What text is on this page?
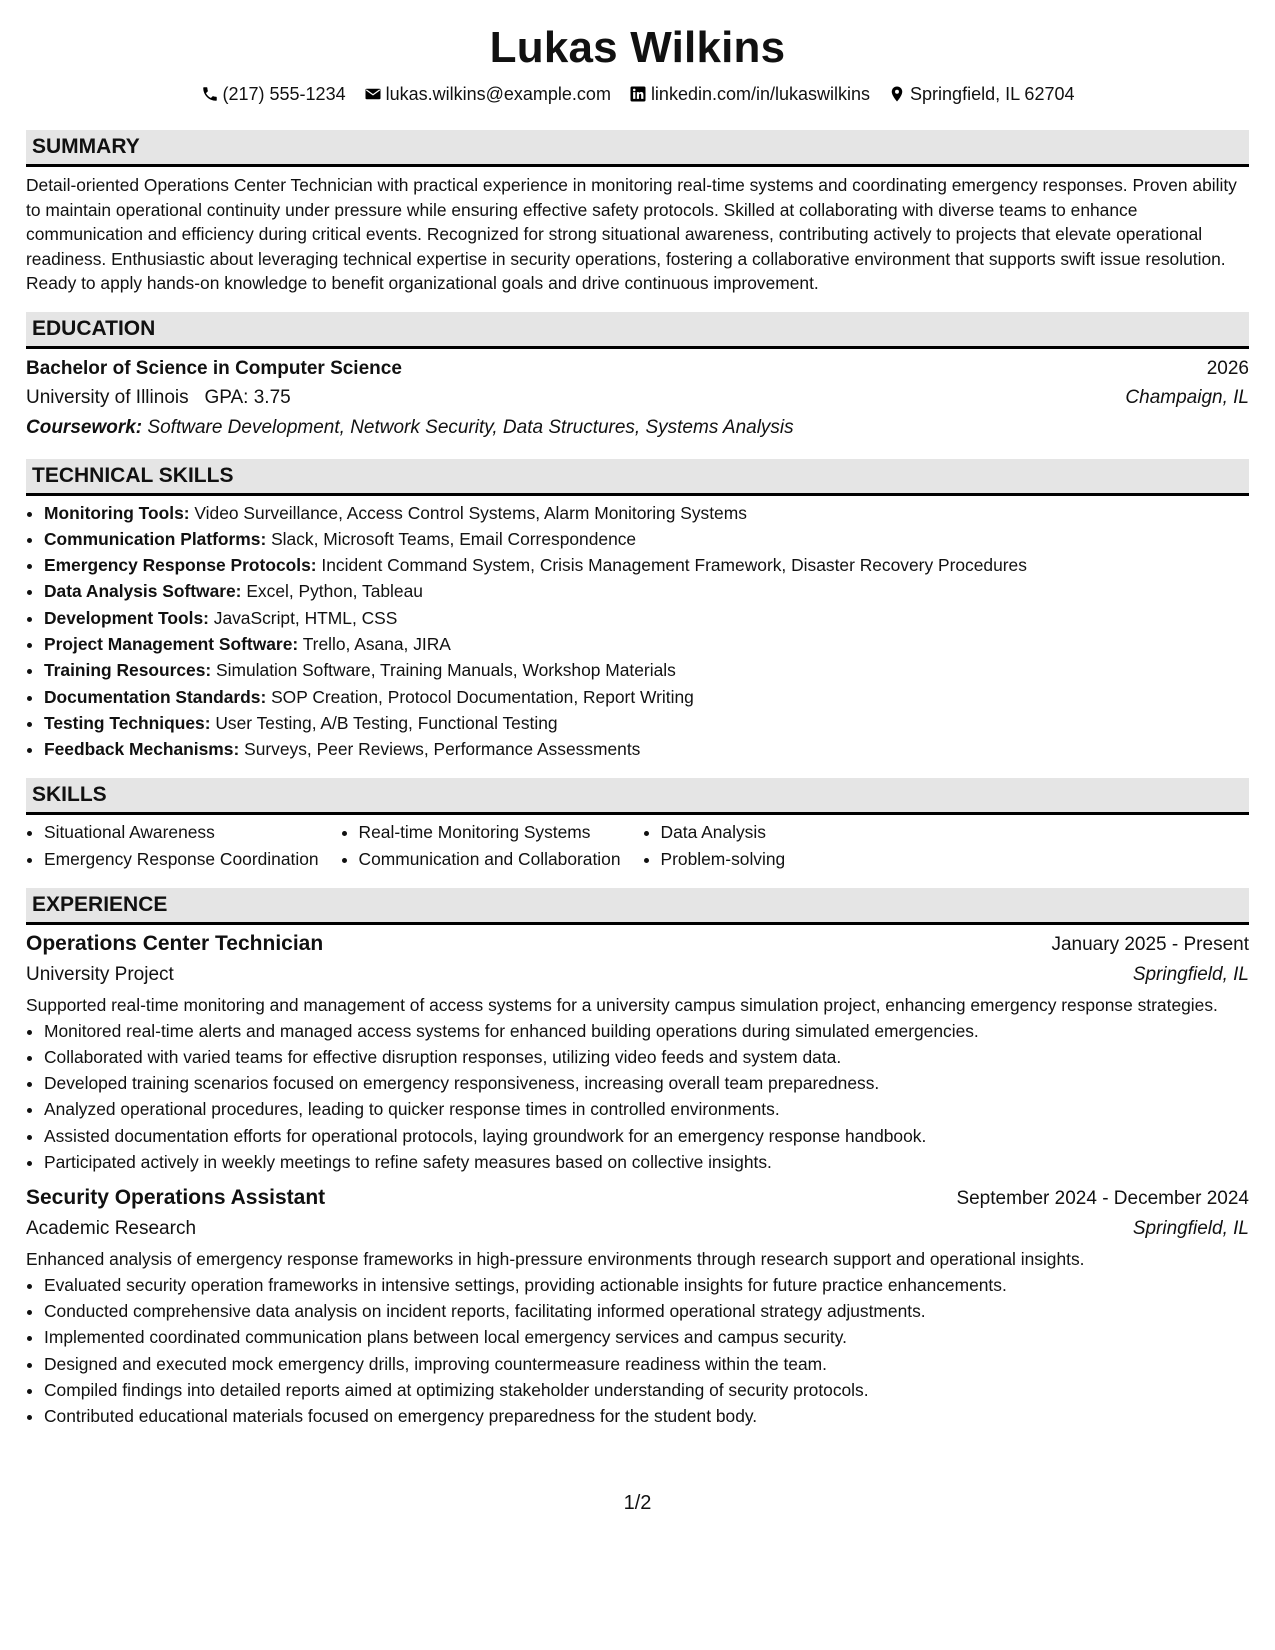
Lukas Wilkins
(217) 555-1234 lukas.wilkins@example.com linkedin.com/in/lukaswilkins Springfield, IL 62704
SUMMARY

Detail-oriented Operations Center Technician with practical experience in monitoring real-time systems and coordinating emergency responses. Proven ability to maintain operational continuity under pressure while ensuring effective safety protocols. Skilled at collaborating with diverse teams to enhance communication and efficiency during critical events. Recognized for strong situational awareness, contributing actively to projects that elevate operational readiness. Enthusiastic about leveraging technical expertise in security operations, fostering a collaborative environment that supports swift issue resolution. Ready to apply hands-on knowledge to benefit organizational goals and drive continuous improvement.

EDUCATION
Bachelor of Science in Computer Science	2026
University of Illinois GPA: 3.75	Champaign, IL
Coursework: Software Development, Network Security, Data Structures, Systems Analysis
TECHNICAL SKILLS
• Monitoring Tools: Video Surveillance, Access Control Systems, Alarm Monitoring Systems
• Communication Platforms: Slack, Microsoft Teams, Email Correspondence
• Emergency Response Protocols: Incident Command System, Crisis Management Framework, Disaster Recovery Procedures
• Data Analysis Software: Excel, Python, Tableau
• Development Tools: JavaScript, HTML, CSS
• Project Management Software: Trello, Asana, JIRA
• Training Resources: Simulation Software, Training Manuals, Workshop Materials
• Documentation Standards: SOP Creation, Protocol Documentation, Report Writing
• Testing Techniques: User Testing, A/B Testing, Functional Testing
• Feedback Mechanisms: Surveys, Peer Reviews, Performance Assessments
SKILLS
• Situational Awareness
• Emergency Response Coordination
• Real-time Monitoring Systems
• Communication and Collaboration
• Data Analysis
• Problem-solving
EXPERIENCE
Operations Center Technician	January 2025 - Present
University Project	Springfield, IL
Supported real-time monitoring and management of access systems for a university campus simulation project, enhancing emergency response strategies.
• Monitored real-time alerts and managed access systems for enhanced building operations during simulated emergencies.
• Collaborated with varied teams for effective disruption responses, utilizing video feeds and system data.
• Developed training scenarios focused on emergency responsiveness, increasing overall team preparedness.
• Analyzed operational procedures, leading to quicker response times in controlled environments.
• Assisted documentation efforts for operational protocols, laying groundwork for an emergency response handbook.
• Participated actively in weekly meetings to refine safety measures based on collective insights.
Security Operations Assistant	September 2024 - December 2024
Academic Research	Springfield, IL
Enhanced analysis of emergency response frameworks in high-pressure environments through research support and operational insights.
• Evaluated security operation frameworks in intensive settings, providing actionable insights for future practice enhancements.
• Conducted comprehensive data analysis on incident reports, facilitating informed operational strategy adjustments.
• Implemented coordinated communication plans between local emergency services and campus security.
• Designed and executed mock emergency drills, improving countermeasure readiness within the team.
• Compiled findings into detailed reports aimed at optimizing stakeholder understanding of security protocols.
• Contributed educational materials focused on emergency preparedness for the student body.
1/2
